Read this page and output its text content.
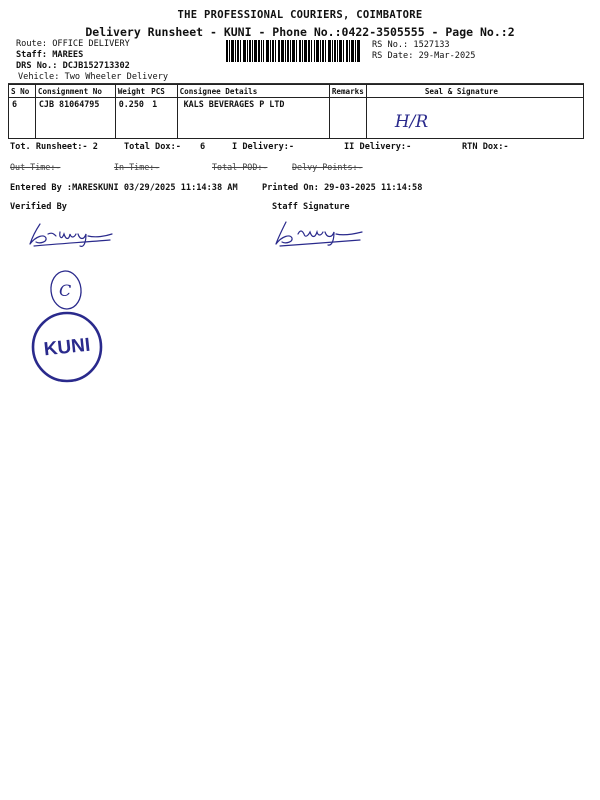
THE PROFESSIONAL COURIERS, COIMBATORE
Delivery Runsheet - KUNI - Phone No.:0422-3505555 - Page No.:2
Route: OFFICE DELIVERY
Staff: MAREES
DRS No.: DCJB152713302
Vehicle: Two Wheeler Delivery
RS No.: 1527133
RS Date: 29-Mar-2025
S No	Consignment No	Weight	PCS	Consignee Details	Remarks	Seal & Signature
6	CJB 81064795	0.250	1	KALS BEVERAGES P LTD		H/R
Tot. Runsheet:- 2	Total Dox:- 6	I Delivery:-	II Delivery:-	RTN Dox:-
Out Time:-	In Time:-	Total POD:-	Delvy Points:-
Entered By :MARESKUNI 03/29/2025 11:14:38 AM	Printed On: 29-03-2025 11:14:58
Verified By	Staff Signature
C
KUNI
